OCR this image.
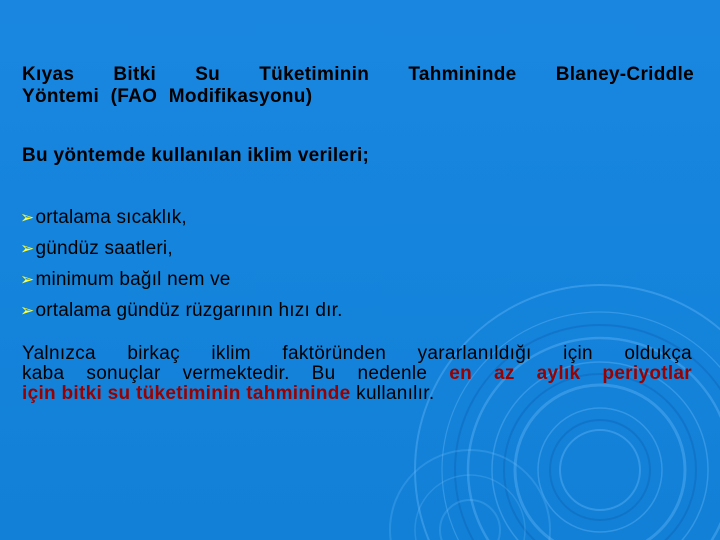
Kıyas Bitki Su Tüketiminin Tahmininde Blaney-Criddle
Yöntemi (FAO Modifikasyonu)
Bu yöntemde kullanılan iklim verileri;
➢ortalama sıcaklık,
➢gündüz saatleri,
➢minimum bağıl nem ve
➢ortalama gündüz rüzgarının hızı dır.
Yalnızca birkaç iklim faktöründen yararlanıldığı için oldukça
kaba sonuçlar vermektedir. Bu nedenle en az aylık periyotlar
için bitki su tüketiminin tahmininde kullanılır.
